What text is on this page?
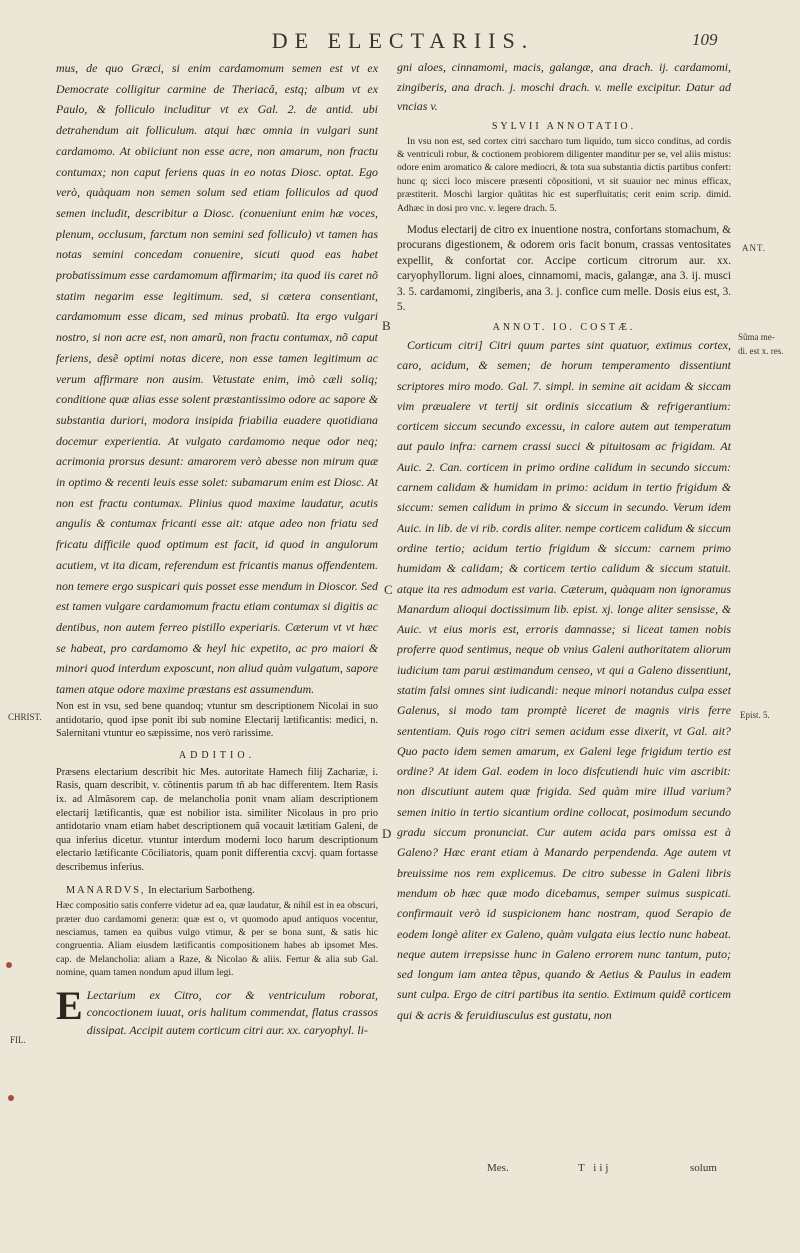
DE ELECTARIIS.	109

mus, de quo Græci, si enim cardamomum semen est vt ex Democrate colligitur carmine de Theriacâ, estq; album vt ex Paulo, & folliculo includitur vt ex Gal. 2. de antid. ubi detrahendum ait folliculum. atqui hæc omnia in vulgari sunt cardamomo. At obiiciunt non esse acre, non amarum, non fractu contumax; non caput feriens quas in eo notas Diosc. optat. Ego verò, quàquam non semen solum sed etiam folliculos ad quod semen includit, describitur a Diosc. (conueniunt enim hæ voces, plenum, occlusum, farctum non semini sed folliculo) vt tamen has notas semini concedam conuenire, sicuti quod eas habet probatissimum esse cardamomum affirmarim; ita quod iis caret nõ statim negarim esse legitimum. sed, si cætera consentiant, cardamomum esse dicam, sed minus probatũ. Ita ergo vulgari nostro, si non acre est, non amarũ, non fractu contumax, nõ caput feriens, desẽ optimi notas dicere, non esse tamen legitimum ac verum affirmare non ausim. Vetustate enim, imò cæli soliq; conditione quæ alias esse solent præstantissimo odore ac sapore & substantia duriori, modora insipida friabilia euadere quotidiana docemur experientia. At vulgato cardamomo neque odor neq; acrimonia prorsus desunt: amarorem verò abesse non mirum quæ in optimo & recenti leuis esse solet: subamarum enim est Diosc. At non est fractu contumax. Plinius quod maxime laudatur, acutis angulis & contumax fricanti esse ait: atque adeo non friatu sed fricatu difficile quod optimum est facit, id quod in angulorum acutiem, vt ita dicam, referendum est fricantis manus offendentem. non temere ergo suspicari quis posset esse mendum in Dioscor. Sed est tamen vulgare cardamomum fractu etiam contumax si digitis ac dentibus, non autem ferreo pistillo experiaris. Cæterum vt vt hæc se habeat, pro cardamomo & heyl hic expetito, ac pro maiori & minori quod interdum exposcunt, non aliud quàm vulgatum, sapore tamen atque odore maxime præstans est assumendum.

Non est in vsu, sed bene quandoq; vtuntur sm descriptionem Nicolai in suo antidotario, quod ipse ponit ibi sub nomine Electarij lætificantis: medici, n. Salernitani vtuntur eo sæpissime, nos verò rarissime.

ADDITIO.

Præsens electarium describit hic Mes. autoritate Hamech filij Zachariæ, i. Rasis, quam describit, v. cõtinentis parum tñ ab hac differentem. Item Rasis ix. ad Almãsorem cap. de melancholia ponit vnam aliam descriptionem electarij lætificantis, quæ est nobilior ista. similiter Nicolaus in pro prio antidotario vnam etiam habet descriptionem quã vocauit lætitiam Galeni, de qua inferius dicetur. vtuntur interdum moderni loco harum descriptionum electario lætificante Cõciliatoris, quam ponit differentia cxcvj. quam fortasse describemus inferius.

MANARDVS, In electarium Sarbotheng.

Hæc compositio satis conferre videtur ad ea, quæ laudatur, & nihil est in ea obscuri, præter duo cardamomi genera: quæ est o, vt quomodo apud antiquos vocentur, nesciamus, tamen ea quibus vulgo vtimur, & per se bona sunt, & satis hic congruentia. Aliam eiusdem lætificantis compositionem habes ab ipsomet Mes. cap. de Melancholia: aliam a Raze, & Nicolao & aliis. Fertur & alia sub Gal. nomine, quam tamen nondum apud illum legi.

E Lectarium ex Citro, cor & ventriculum roborat, concoctionem iuuat, oris halitum commendat, flatus crassos dissipat. Accipit autem corticum citri aur. xx. caryophyl. li-

gni aloes, cinnamomi, macis, galangæ, ana drach. ij. cardamomi, zingiberis, ana drach. j. moschi drach. v. melle excipitur. Datur ad vncias v.

SYLVII ANNOTATIO.

In vsu non est, sed cortex citri saccharo tum liquido, tum sicco conditus, ad cordis & ventriculi robur, & coctionem probiorem diligenter manditur per se, vel aliis mistus: odore enim aromatico & calore mediocri, & tota sua substantia dictis partibus confert: hunc q; sicci loco miscere præsenti cõpositioni, vt sit suauior nec minus efficax, præstiterit. Moschi largior quãtitas hic est superfluitatis; cerit enim scrip. dimid. Adhæc in dosi pro vnc. v. legere drach. 5.

Modus electarij de citro ex inuentione nostra, confortans stomachum, & procurans digestionem, & odorem oris facit bonum, crassas ventositates expellit, & confortat cor. Accipe corticum citrorum aur. xx. caryophyllorum. ligni aloes, cinnamomi, macis, galangæ, ana 3. ij. musci 3. 5. cardamomi, zingiberis, ana 3. j. confice cum melle. Dosis eius est, 3. 5.

ANNOT. IO. COSTÆ.

Corticum citri] Citri quum partes sint quatuor, extimus cortex, caro, acidum, & semen; de horum temperamento dissentiunt scriptores miro modo. Gal. 7. simpl. in semine ait acidam & siccam vim præualere vt tertij sit ordinis siccatium & refrigerantium: corticem siccum secundo excessu, in calore autem aut temperatum aut paulo infra: carnem crassi succi & pituitosam ac frigidam. At Auic. 2. Can. corticem in primo ordine calidum in secundo siccum: carnem calidam & humidam in primo: acidum in tertio frigidum & siccum: semen calidum in primo & siccum in secundo. Verum idem Auic. in lib. de vi rib. cordis aliter. nempe corticem calidum & siccum ordine tertio; acidum tertio frigidum & siccum: carnem primo humidam & calidam; & corticem tertio calidum & siccum statuit. atque ita res admodum est varia. Cæterum, quàquam non ignoramus Manardum alioqui doctissimum lib. epist. xj. longe aliter sensisse, & Auic. vt eius moris est, erroris damnasse; si liceat tamen nobis proferre quod sentimus, neque ob vnius Galeni authoritatem aliorum iudicium tam parui æstimandum censeo, vt qui a Galeno dissentiunt, statim falsi omnes sint iudicandi: neque minori notandus culpa esset Galenus, si modo tam promptè liceret de magnis viris ferre sententiam. Quis rogo citri semen acidum esse dixerit, vt Gal. ait? Quo pacto idem semen amarum, ex Galeni lege frigidum tertio est ordine? At idem Gal. eodem in loco disfcutiendi huic vim ascribit: non discutiunt autem quæ frigida. Sed quàm mire illud varium? semen initio in tertio sicantium ordine collocat, posimodum secundo gradu siccum pronunciat. Cur autem acida pars omissa est à Galeno? Hæc erant etiam à Manardo perpendenda. Age autem vt breuissime nos rem explicemus. De citro subesse in Galeni libris mendum ob hæc quæ modo dicebamus, semper suimus suspicati. confirmauit verò id suspicionem hanc nostram, quod Serapio de eodem longè aliter ex Galeno, quàm vulgata eius lectio nunc habeat. neque autem irrepsisse hunc in Galeno errorem nunc tantum, puto; sed longum iam antea tẽpus, quando & Aetius & Paulus in eadem sunt culpa. Ergo de citri partibus ita sentio. Extimum quidẽ corticem qui & acris & feruidiusculus est gustatu, non

B
C
D
CHRIST.
FIL.
ANT.
Sũma me-
di. est x. res.
Epist. 5.
Mes.	T iij	solum
